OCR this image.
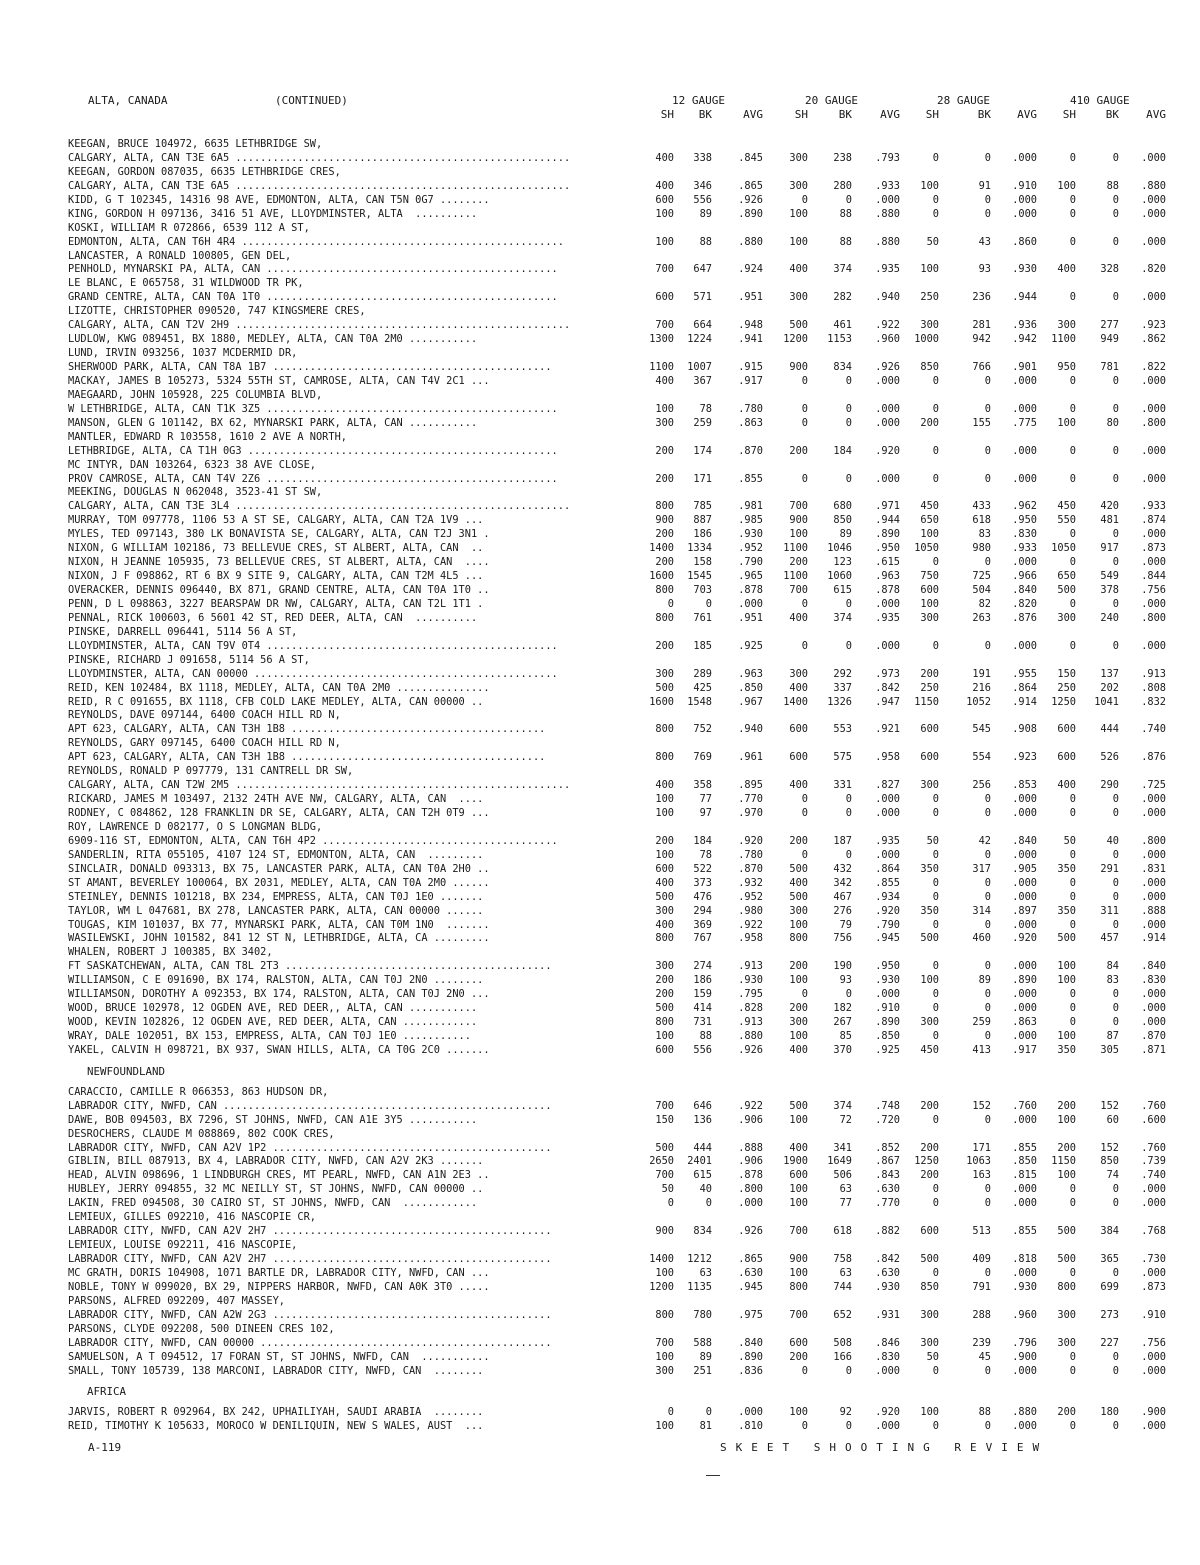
ALTA, CANADA	(CONTINUED)	12 GAUGE	20 GAUGE	28 GAUGE	410 GAUGE
SH	BK	AVG	SH	BK	AVG	SH	BK	AVG	SH	BK	AVG
KEEGAN, BRUCE 104972, 6635 LETHBRIDGE SW,
CALGARY, ALTA, CAN T3E 6A5 ......................................................	400	338	.845	300	238	.793	0	0	.000	0	0	.000
KEEGAN, GORDON 087035, 6635 LETHBRIDGE CRES,
CALGARY, ALTA, CAN T3E 6A5 ......................................................	400	346	.865	300	280	.933	100	91	.910	100	88	.880
KIDD, G T 102345, 14316 98 AVE, EDMONTON, ALTA, CAN T5N 0G7 ........	600	556	.926	0	0	.000	0	0	.000	0	0	.000
KING, GORDON H 097136, 3416 51 AVE, LLOYDMINSTER, ALTA  ..........	100	89	.890	100	88	.880	0	0	.000	0	0	.000
KOSKI, WILLIAM R 072866, 6539 112 A ST,
EDMONTON, ALTA, CAN T6H 4R4 ....................................................	100	88	.880	100	88	.880	50	43	.860	0	0	.000
LANCASTER, A RONALD 100805, GEN DEL,
PENHOLD, MYNARSKI PA, ALTA, CAN ...............................................	700	647	.924	400	374	.935	100	93	.930	400	328	.820
LE BLANC, E 065758, 31 WILDWOOD TR PK,
GRAND CENTRE, ALTA, CAN T0A 1T0 ...............................................	600	571	.951	300	282	.940	250	236	.944	0	0	.000
LIZOTTE, CHRISTOPHER 090520, 747 KINGSMERE CRES,
CALGARY, ALTA, CAN T2V 2H9 ......................................................	700	664	.948	500	461	.922	300	281	.936	300	277	.923
LUDLOW, KWG 089451, BX 1880, MEDLEY, ALTA, CAN T0A 2M0 ...........	1300	1224	.941	1200	1153	.960	1000	942	.942	1100	949	.862
LUND, IRVIN 093256, 1037 MCDERMID DR,
SHERWOOD PARK, ALTA, CAN T8A 1B7 .............................................	1100	1007	.915	900	834	.926	850	766	.901	950	781	.822
MACKAY, JAMES B 105273, 5324 55TH ST, CAMROSE, ALTA, CAN T4V 2C1 ...	400	367	.917	0	0	.000	0	0	.000	0	0	.000
MAEGAARD, JOHN 105928, 225 COLUMBIA BLVD,
W LETHBRIDGE, ALTA, CAN T1K 3Z5 ...............................................	100	78	.780	0	0	.000	0	0	.000	0	0	.000
MANSON, GLEN G 101142, BX 62, MYNARSKI PARK, ALTA, CAN ...........	300	259	.863	0	0	.000	200	155	.775	100	80	.800
MANTLER, EDWARD R 103558, 1610 2 AVE A NORTH,
LETHBRIDGE, ALTA, CA T1H 0G3 ..................................................	200	174	.870	200	184	.920	0	0	.000	0	0	.000
MC INTYR, DAN 103264, 6323 38 AVE CLOSE,
PROV CAMROSE, ALTA, CAN T4V 2Z6 ...............................................	200	171	.855	0	0	.000	0	0	.000	0	0	.000
MEEKING, DOUGLAS N 062048, 3523-41 ST SW,
CALGARY, ALTA, CAN T3E 3L4 ......................................................	800	785	.981	700	680	.971	450	433	.962	450	420	.933
MURRAY, TOM 097778, 1106 53 A ST SE, CALGARY, ALTA, CAN T2A 1V9 ...	900	887	.985	900	850	.944	650	618	.950	550	481	.874
MYLES, TED 097143, 380 LK BONAVISTA SE, CALGARY, ALTA, CAN T2J 3N1 .	200	186	.930	100	89	.890	100	83	.830	0	0	.000
NIXON, G WILLIAM 102186, 73 BELLEVUE CRES, ST ALBERT, ALTA, CAN  ..	1400	1334	.952	1100	1046	.950	1050	980	.933	1050	917	.873
NIXON, H JEANNE 105935, 73 BELLEVUE CRES, ST ALBERT, ALTA, CAN  ....	200	158	.790	200	123	.615	0	0	.000	0	0	.000
NIXON, J F 098862, RT 6 BX 9 SITE 9, CALGARY, ALTA, CAN T2M 4L5 ...	1600	1545	.965	1100	1060	.963	750	725	.966	650	549	.844
OVERACKER, DENNIS 096440, BX 871, GRAND CENTRE, ALTA, CAN T0A 1T0 ..	800	703	.878	700	615	.878	600	504	.840	500	378	.756
PENN, D L 098863, 3227 BEARSPAW DR NW, CALGARY, ALTA, CAN T2L 1T1 .	0	0	.000	0	0	.000	100	82	.820	0	0	.000
PENNAL, RICK 100603, 6 5601 42 ST, RED DEER, ALTA, CAN  ..........	800	761	.951	400	374	.935	300	263	.876	300	240	.800
PINSKE, DARRELL 096441, 5114 56 A ST,
LLOYDMINSTER, ALTA, CAN T9V 0T4 ...............................................	200	185	.925	0	0	.000	0	0	.000	0	0	.000
PINSKE, RICHARD J 091658, 5114 56 A ST,
LLOYDMINSTER, ALTA, CAN 00000 .................................................	300	289	.963	300	292	.973	200	191	.955	150	137	.913
REID, KEN 102484, BX 1118, MEDLEY, ALTA, CAN T0A 2M0 ...............	500	425	.850	400	337	.842	250	216	.864	250	202	.808
REID, R C 091655, BX 1118, CFB COLD LAKE MEDLEY, ALTA, CAN 00000 ..	1600	1548	.967	1400	1326	.947	1150	1052	.914	1250	1041	.832
REYNOLDS, DAVE 097144, 6400 COACH HILL RD N,
APT 623, CALGARY, ALTA, CAN T3H 1B8 .........................................	800	752	.940	600	553	.921	600	545	.908	600	444	.740
REYNOLDS, GARY 097145, 6400 COACH HILL RD N,
APT 623, CALGARY, ALTA, CAN T3H 1B8 .........................................	800	769	.961	600	575	.958	600	554	.923	600	526	.876
REYNOLDS, RONALD P 097779, 131 CANTRELL DR SW,
CALGARY, ALTA, CAN T2W 2M5 ......................................................	400	358	.895	400	331	.827	300	256	.853	400	290	.725
RICKARD, JAMES M 103497, 2132 24TH AVE NW, CALGARY, ALTA, CAN  ....	100	77	.770	0	0	.000	0	0	.000	0	0	.000
RODNEY, C 084862, 128 FRANKLIN DR SE, CALGARY, ALTA, CAN T2H 0T9 ...	100	97	.970	0	0	.000	0	0	.000	0	0	.000
ROY, LAWRENCE D 082177, O S LONGMAN BLDG,
6909-116 ST, EDMONTON, ALTA, CAN T6H 4P2 ......................................	200	184	.920	200	187	.935	50	42	.840	50	40	.800
SANDERLIN, RITA 055105, 4107 124 ST, EDMONTON, ALTA, CAN  .........	100	78	.780	0	0	.000	0	0	.000	0	0	.000
SINCLAIR, DONALD 093313, BX 75, LANCASTER PARK, ALTA, CAN T0A 2H0 ..	600	522	.870	500	432	.864	350	317	.905	350	291	.831
ST AMANT, BEVERLEY 100064, BX 2031, MEDLEY, ALTA, CAN T0A 2M0 ......	400	373	.932	400	342	.855	0	0	.000	0	0	.000
STEINLEY, DENNIS 101218, BX 234, EMPRESS, ALTA, CAN T0J 1E0 .......	500	476	.952	500	467	.934	0	0	.000	0	0	.000
TAYLOR, WM L 047681, BX 278, LANCASTER PARK, ALTA, CAN 00000 ......	300	294	.980	300	276	.920	350	314	.897	350	311	.888
TOUGAS, KIM 101037, BX 77, MYNARSKI PARK, ALTA, CAN T0M 1N0  .......	400	369	.922	100	79	.790	0	0	.000	0	0	.000
WASILEWSKI, JOHN 101582, 841 12 ST N, LETHBRIDGE, ALTA, CA .........	800	767	.958	800	756	.945	500	460	.920	500	457	.914
WHALEN, ROBERT J 100385, BX 3402,
FT SASKATCHEWAN, ALTA, CAN T8L 2T3 ...........................................	300	274	.913	200	190	.950	0	0	.000	100	84	.840
WILLIAMSON, C E 091690, BX 174, RALSTON, ALTA, CAN T0J 2N0 ........	200	186	.930	100	93	.930	100	89	.890	100	83	.830
WILLIAMSON, DOROTHY A 092353, BX 174, RALSTON, ALTA, CAN T0J 2N0 ...	200	159	.795	0	0	.000	0	0	.000	0	0	.000
WOOD, BRUCE 102978, 12 OGDEN AVE, RED DEER,, ALTA, CAN ...........	500	414	.828	200	182	.910	0	0	.000	0	0	.000
WOOD, KEVIN 102826, 12 OGDEN AVE, RED DEER, ALTA, CAN ............	800	731	.913	300	267	.890	300	259	.863	0	0	.000
WRAY, DALE 102051, BX 153, EMPRESS, ALTA, CAN T0J 1E0 ...........	100	88	.880	100	85	.850	0	0	.000	100	87	.870
YAKEL, CALVIN H 098721, BX 937, SWAN HILLS, ALTA, CA T0G 2C0 .......	600	556	.926	400	370	.925	450	413	.917	350	305	.871
NEWFOUNDLAND
CARACCIO, CAMILLE R 066353, 863 HUDSON DR,
LABRADOR CITY, NWFD, CAN .....................................................	700	646	.922	500	374	.748	200	152	.760	200	152	.760
DAWE, BOB 094503, BX 7296, ST JOHNS, NWFD, CAN A1E 3Y5 ...........	150	136	.906	100	72	.720	0	0	.000	100	60	.600
DESROCHERS, CLAUDE M 088869, 802 COOK CRES,
LABRADOR CITY, NWFD, CAN A2V 1P2 .............................................	500	444	.888	400	341	.852	200	171	.855	200	152	.760
GIBLIN, BILL 087913, BX 4, LABRADOR CITY, NWFD, CAN A2V 2K3 .......	2650	2401	.906	1900	1649	.867	1250	1063	.850	1150	850	.739
HEAD, ALVIN 098696, 1 LINDBURGH CRES, MT PEARL, NWFD, CAN A1N 2E3 ..	700	615	.878	600	506	.843	200	163	.815	100	74	.740
HUBLEY, JERRY 094855, 32 MC NEILLY ST, ST JOHNS, NWFD, CAN 00000 ..	50	40	.800	100	63	.630	0	0	.000	0	0	.000
LAKIN, FRED 094508, 30 CAIRO ST, ST JOHNS, NWFD, CAN  ............	0	0	.000	100	77	.770	0	0	.000	0	0	.000
LEMIEUX, GILLES 092210, 416 NASCOPIE CR,
LABRADOR CITY, NWFD, CAN A2V 2H7 .............................................	900	834	.926	700	618	.882	600	513	.855	500	384	.768
LEMIEUX, LOUISE 092211, 416 NASCOPIE,
LABRADOR CITY, NWFD, CAN A2V 2H7 .............................................	1400	1212	.865	900	758	.842	500	409	.818	500	365	.730
MC GRATH, DORIS 104908, 1071 BARTLE DR, LABRADOR CITY, NWFD, CAN ...	100	63	.630	100	63	.630	0	0	.000	0	0	.000
NOBLE, TONY W 099020, BX 29, NIPPERS HARBOR, NWFD, CAN A0K 3T0 .....	1200	1135	.945	800	744	.930	850	791	.930	800	699	.873
PARSONS, ALFRED 092209, 407 MASSEY,
LABRADOR CITY, NWFD, CAN A2W 2G3 .............................................	800	780	.975	700	652	.931	300	288	.960	300	273	.910
PARSONS, CLYDE 092208, 500 DINEEN CRES 102,
LABRADOR CITY, NWFD, CAN 00000 ...............................................	700	588	.840	600	508	.846	300	239	.796	300	227	.756
SAMUELSON, A T 094512, 17 FORAN ST, ST JOHNS, NWFD, CAN  ...........	100	89	.890	200	166	.830	50	45	.900	0	0	.000
SMALL, TONY 105739, 138 MARCONI, LABRADOR CITY, NWFD, CAN  ........	300	251	.836	0	0	.000	0	0	.000	0	0	.000
AFRICA
JARVIS, ROBERT R 092964, BX 242, UPHAILIYAH, SAUDI ARABIA  ........	0	0	.000	100	92	.920	100	88	.880	200	180	.900
REID, TIMOTHY K 105633, MOROCO W DENILIQUIN, NEW S WALES, AUST  ...	100	81	.810	0	0	.000	0	0	.000	0	0	.000
A-119	SKEET SHOOTING REVIEW
